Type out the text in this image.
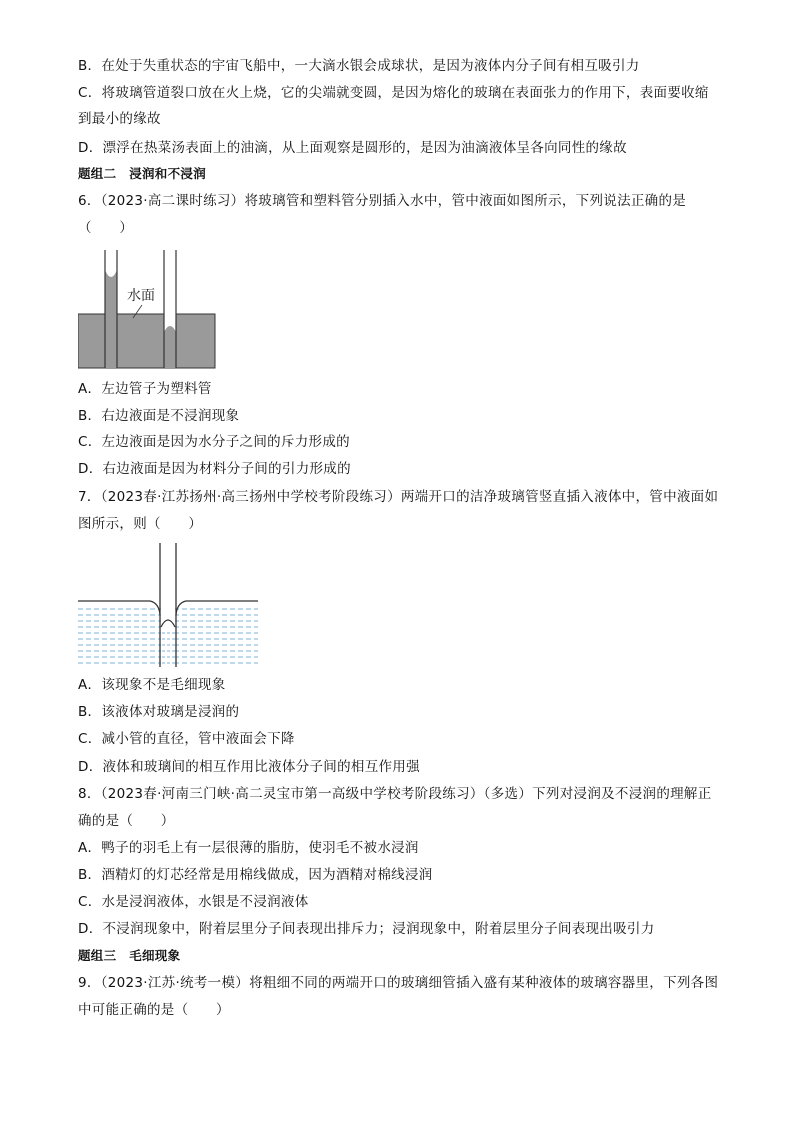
B．在处于失重状态的宇宙飞船中，一大滴水银会成球状，是因为液体内分子间有相互吸引力
C．将玻璃管道裂口放在火上烧，它的尖端就变圆，是因为熔化的玻璃在表面张力的作用下，表面要收缩
到最小的缘故
D．漂浮在热菜汤表面上的油滴，从上面观察是圆形的，是因为油滴液体呈各向同性的缘故
题组二　浸润和不浸润
6．（2023·高二课时练习）将玻璃管和塑料管分别插入水中，管中液面如图所示，下列说法正确的是
（　　）
水面
A．左边管子为塑料管
B．右边液面是不浸润现象
C．左边液面是因为水分子之间的斥力形成的
D．右边液面是因为材料分子间的引力形成的
7．（2023春·江苏扬州·高三扬州中学校考阶段练习）两端开口的洁净玻璃管竖直插入液体中，管中液面如
图所示，则（　　）
A．该现象不是毛细现象
B．该液体对玻璃是浸润的
C．减小管的直径，管中液面会下降
D．液体和玻璃间的相互作用比液体分子间的相互作用强
8．（2023春·河南三门峡·高二灵宝市第一高级中学校考阶段练习）（多选）下列对浸润及不浸润的理解正
确的是（　　）
A．鸭子的羽毛上有一层很薄的脂肪，使羽毛不被水浸润
B．酒精灯的灯芯经常是用棉线做成，因为酒精对棉线浸润
C．水是浸润液体，水银是不浸润液体
D．不浸润现象中，附着层里分子间表现出排斥力；浸润现象中，附着层里分子间表现出吸引力
题组三　毛细现象
9．（2023·江苏·统考一模）将粗细不同的两端开口的玻璃细管插入盛有某种液体的玻璃容器里，下列各图
中可能正确的是（　　）
